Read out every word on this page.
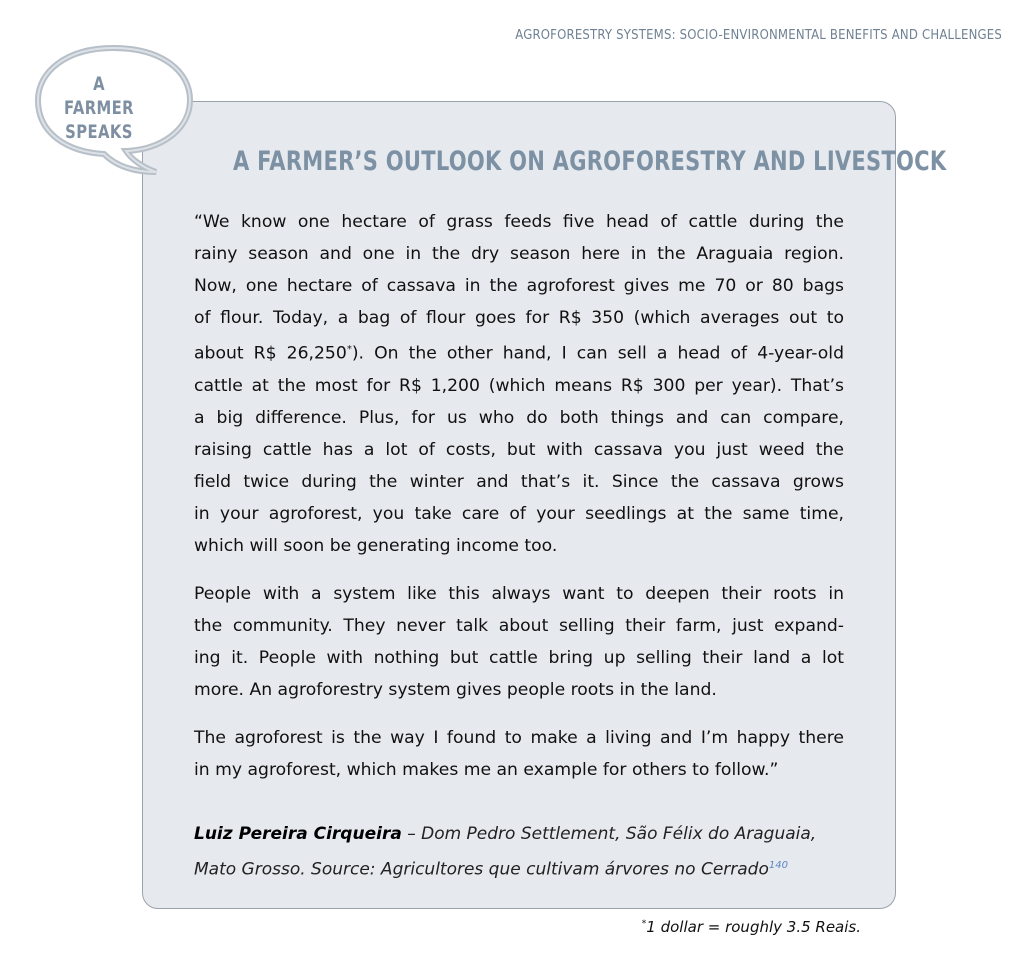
AGROFORESTRY SYSTEMS: SOCIO-ENVIRONMENTAL BENEFITS AND CHALLENGES
A FARMER’S OUTLOOK ON AGROFORESTRY AND LIVESTOCK

“We know one hectare of grass feeds five head of cattle during the
rainy season and one in the dry season here in the Araguaia region.
Now, one hectare of cassava in the agroforest gives me 70 or 80 bags
of flour. Today, a bag of flour goes for R$ 350 (which averages out to
about R$ 26,250*). On the other hand, I can sell a head of 4-year-old
cattle at the most for R$ 1,200 (which means R$ 300 per year). That’s
a big difference. Plus, for us who do both things and can compare,
raising cattle has a lot of costs, but with cassava you just weed the
field twice during the winter and that’s it. Since the cassava grows
in your agroforest, you take care of your seedlings at the same time,
which will soon be generating income too.

People with a system like this always want to deepen their roots in
the community. They never talk about selling their farm, just expand-
ing it. People with nothing but cattle bring up selling their land a lot
more. An agroforestry system gives people roots in the land.

The agroforest is the way I found to make a living and I’m happy there
in my agroforest, which makes me an example for others to follow.”

Luiz Pereira Cirqueira – Dom Pedro Settlement, São Félix do Araguaia,
Mato Grosso. Source: Agricultores que cultivam árvores no Cerrado$^{140}$
A FARMER
SPEAKS
*1 dollar = roughly 3.5 Reais.
